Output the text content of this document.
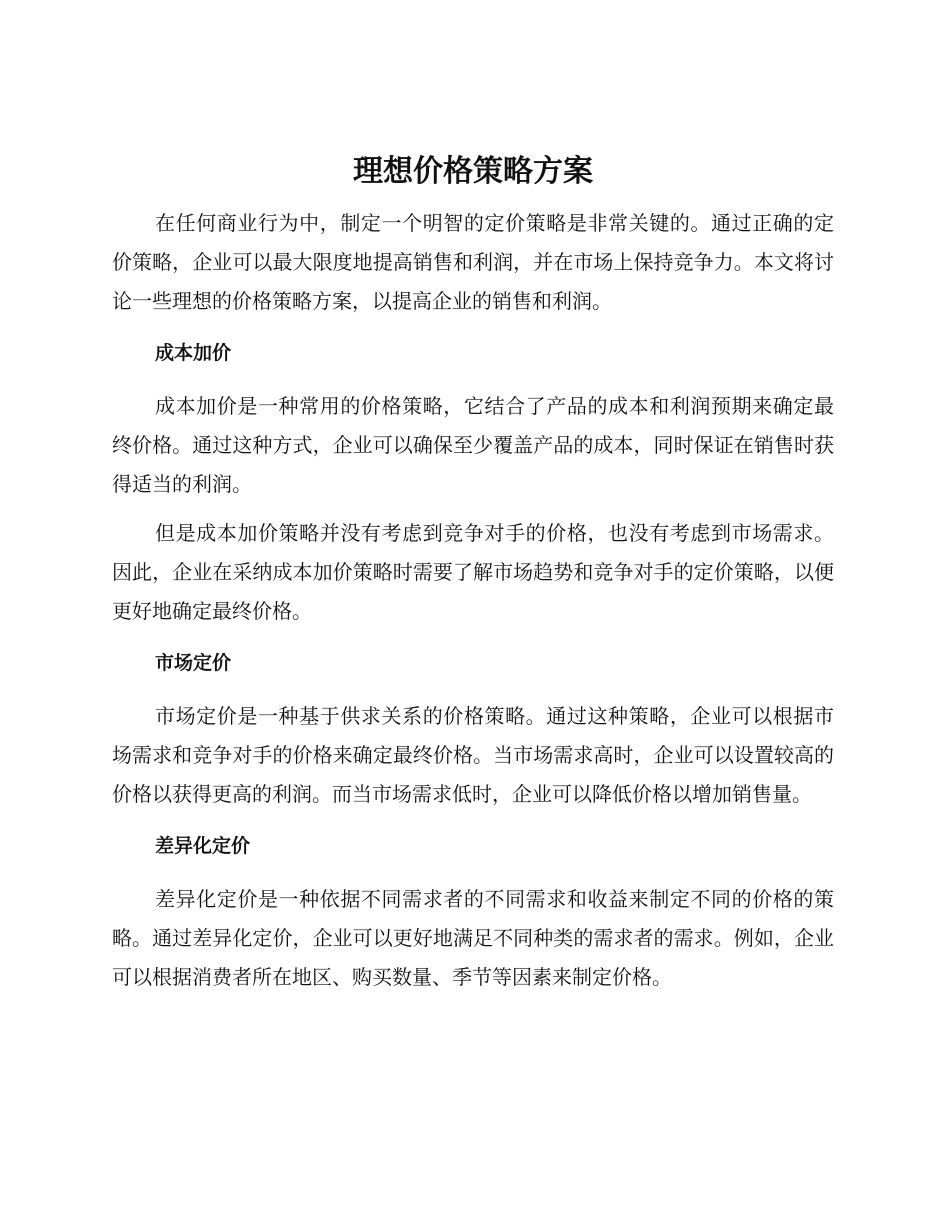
理想价格策略方案

在任何商业行为中，制定一个明智的定价策略是非常关键的。通过正确的定价策略，企业可以最大限度地提高销售和利润，并在市场上保持竞争力。本文将讨论一些理想的价格策略方案，以提高企业的销售和利润。

成本加价

成本加价是一种常用的价格策略，它结合了产品的成本和利润预期来确定最终价格。通过这种方式，企业可以确保至少覆盖产品的成本，同时保证在销售时获得适当的利润。

但是成本加价策略并没有考虑到竞争对手的价格，也没有考虑到市场需求。因此，企业在采纳成本加价策略时需要了解市场趋势和竞争对手的定价策略，以便更好地确定最终价格。

市场定价

市场定价是一种基于供求关系的价格策略。通过这种策略，企业可以根据市场需求和竞争对手的价格来确定最终价格。当市场需求高时，企业可以设置较高的价格以获得更高的利润。而当市场需求低时，企业可以降低价格以增加销售量。

差异化定价

差异化定价是一种依据不同需求者的不同需求和收益来制定不同的价格的策略。通过差异化定价，企业可以更好地满足不同种类的需求者的需求。例如，企业可以根据消费者所在地区、购买数量、季节等因素来制定价格。
